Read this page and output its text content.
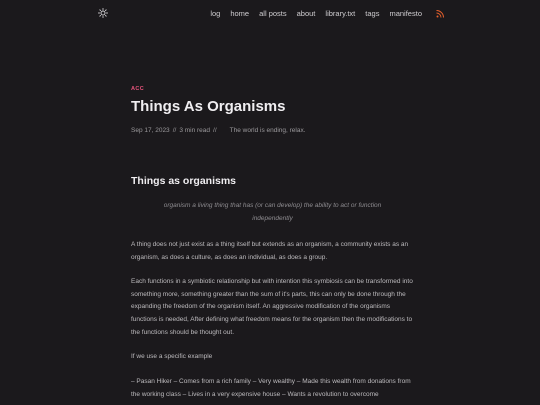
log home all posts about library.txt tags manifesto
ACC
Things As Organisms
Sep 17, 2023 // 3 min read // The world is ending, relax.
Things as organisms
organism a living thing that has (or can develop) the ability to act or function independently

A thing does not just exist as a thing itself but extends as an organism, a community exists as an organism, as does a culture, as does an individual, as does a group.

Each functions in a symbiotic relationship but with intention this symbiosis can be transformed into something more, something greater than the sum of it's parts, this can only be done through the expanding the freedom of the organism itself. An aggressive modification of the organisms functions is needed, After defining what freedom means for the organism then the modifications to the functions should be thought out.

If we use a specific example

– Pasan Hiker – Comes from a rich family – Very wealthy – Made this wealth from donations from the working class – Lives in a very expensive house – Wants a revolution to overcome
